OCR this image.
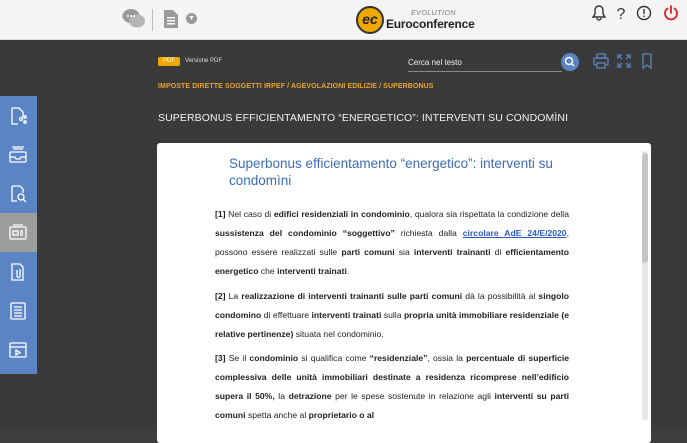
▼	ec	EVOLUTION
Euroconference
?
PDF	Versione PDF
Cerca nel testo
IMPOSTE DIRETTE SOGGETTI IRPEF / AGEVOLAZIONI EDILIZIE / SUPERBONUS
SUPERBONUS EFFICIENTAMENTO “ENERGETICO”: INTERVENTI SU CONDOMÌNI
Superbonus efficientamento “energetico”: interventi su condomìni
[1] Nel caso di edifici residenziali in condominio, qualora sia rispettata la condizione della sussistenza del condominio “soggettivo” richiesta dalla circolare AdE 24/E/2020, possono essere realizzati sulle parti comuni sia interventi trainanti di efficientamento energetico che interventi trainati.
[2] La realizzazione di interventi trainanti sulle parti comuni dà la possibilità al singolo condomino di effettuare interventi trainati sulla propria unità immobiliare residenziale (e relative pertinenze) situata nel condominio.
[3] Se il condominio si qualifica come “residenziale”, ossia la percentuale di superficie complessiva delle unità immobiliari destinate a residenza ricomprese nell’edificio supera il 50%, la detrazione per le spese sostenute in relazione agli interventi su parti comuni spetta anche al proprietario o al
